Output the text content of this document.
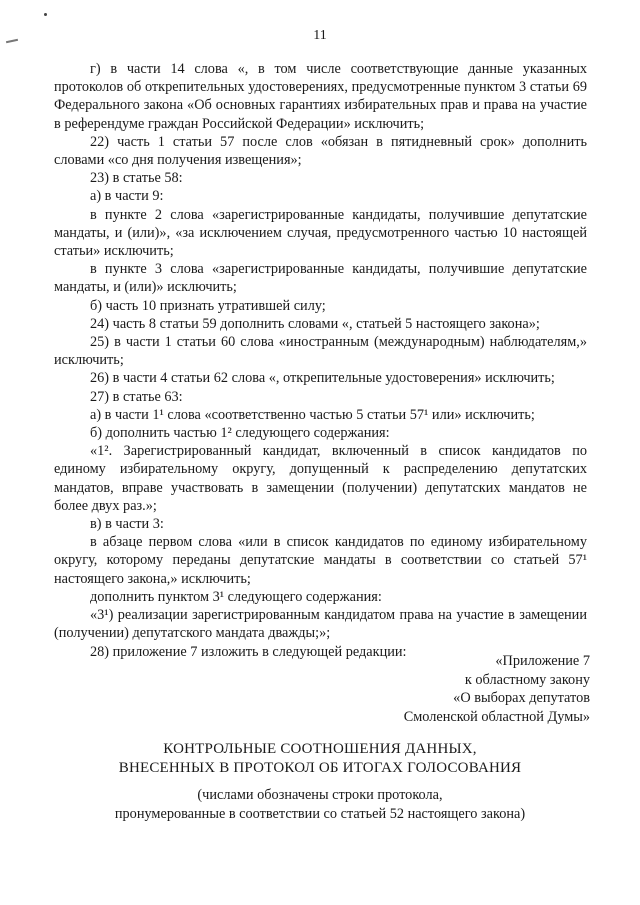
11

г) в части 14 слова «, в том числе соответствующие данные указанных протоколов об открепительных удостоверениях, предусмотренные пунктом 3 статьи 69 Федерального закона «Об основных гарантиях избирательных прав и права на участие в референдуме граждан Российской Федерации» исключить;

22) часть 1 статьи 57 после слов «обязан в пятидневный срок» дополнить словами «со дня получения извещения»;

23) в статье 58:

а) в части 9:

в пункте 2 слова «зарегистрированные кандидаты, получившие депутатские мандаты, и (или)», «за исключением случая, предусмотренного частью 10 настоящей статьи» исключить;

в пункте 3 слова «зарегистрированные кандидаты, получившие депутатские мандаты, и (или)» исключить;

б) часть 10 признать утратившей силу;

24) часть 8 статьи 59 дополнить словами «, статьей 5 настоящего закона»;

25) в части 1 статьи 60 слова «иностранным (международным) наблюдателям,» исключить;

26) в части 4 статьи 62 слова «, открепительные удостоверения» исключить;

27) в статье 63:

а) в части 1¹ слова «соответственно частью 5 статьи 57¹ или» исключить;

б) дополнить частью 1² следующего содержания:

«1². Зарегистрированный кандидат, включенный в список кандидатов по единому избирательному округу, допущенный к распределению депутатских мандатов, вправе участвовать в замещении (получении) депутатских мандатов не более двух раз.»;

в) в части 3:

в абзаце первом слова «или в список кандидатов по единому избирательному округу, которому переданы депутатские мандаты в соответствии со статьей 57¹ настоящего закона,» исключить;

дополнить пунктом 3¹ следующего содержания:

«3¹) реализации зарегистрированным кандидатом права на участие в замещении (получении) депутатского мандата дважды;»;

28) приложение 7 изложить в следующей редакции:

«Приложение 7
к областному закону
«О выборах депутатов
Смоленской областной Думы»
КОНТРОЛЬНЫЕ СООТНОШЕНИЯ ДАННЫХ,
ВНЕСЕННЫХ В ПРОТОКОЛ ОБ ИТОГАХ ГОЛОСОВАНИЯ
(числами обозначены строки протокола,
пронумерованные в соответствии со статьей 52 настоящего закона)
